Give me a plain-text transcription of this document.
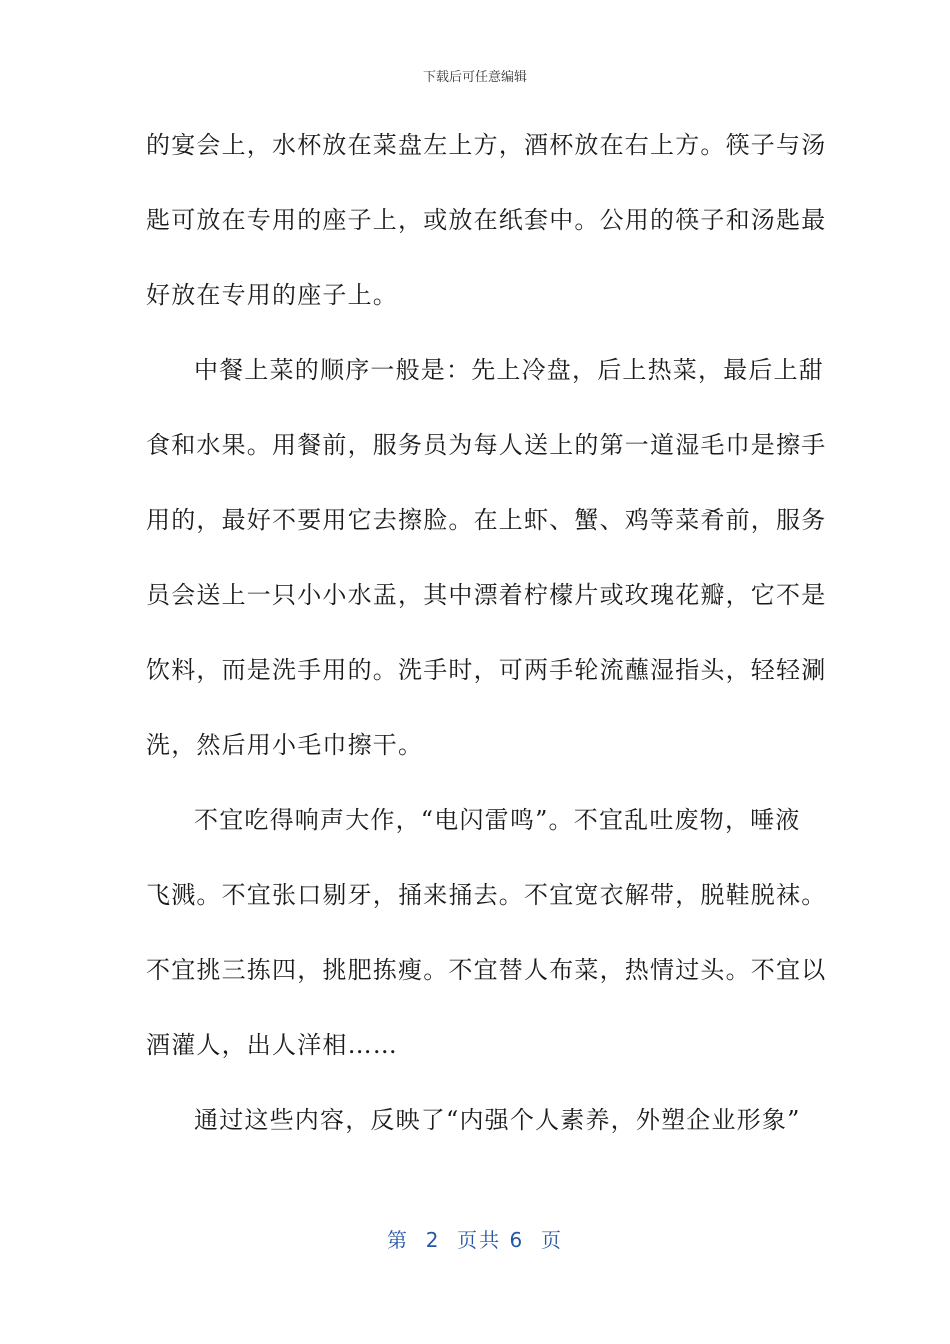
下载后可任意编辑
的宴会上，水杯放在菜盘左上方，酒杯放在右上方。筷子与汤
匙可放在专用的座子上，或放在纸套中。公用的筷子和汤匙最
好放在专用的座子上。
中餐上菜的顺序一般是：先上冷盘，后上热菜，最后上甜
食和水果。用餐前，服务员为每人送上的第一道湿毛巾是擦手
用的，最好不要用它去擦脸。在上虾、蟹、鸡等菜肴前，服务
员会送上一只小小水盂，其中漂着柠檬片或玫瑰花瓣，它不是
饮料，而是洗手用的。洗手时，可两手轮流蘸湿指头，轻轻涮
洗，然后用小毛巾擦干。
不宜吃得响声大作，“电闪雷鸣”。不宜乱吐废物，唾液
飞溅。不宜张口剔牙，捅来捅去。不宜宽衣解带，脱鞋脱袜。
不宜挑三拣四，挑肥拣瘦。不宜替人布菜，热情过头。不宜以
酒灌人，出人洋相……
通过这些内容，反映了“内强个人素养，外塑企业形象”
第  2  页共 6  页
